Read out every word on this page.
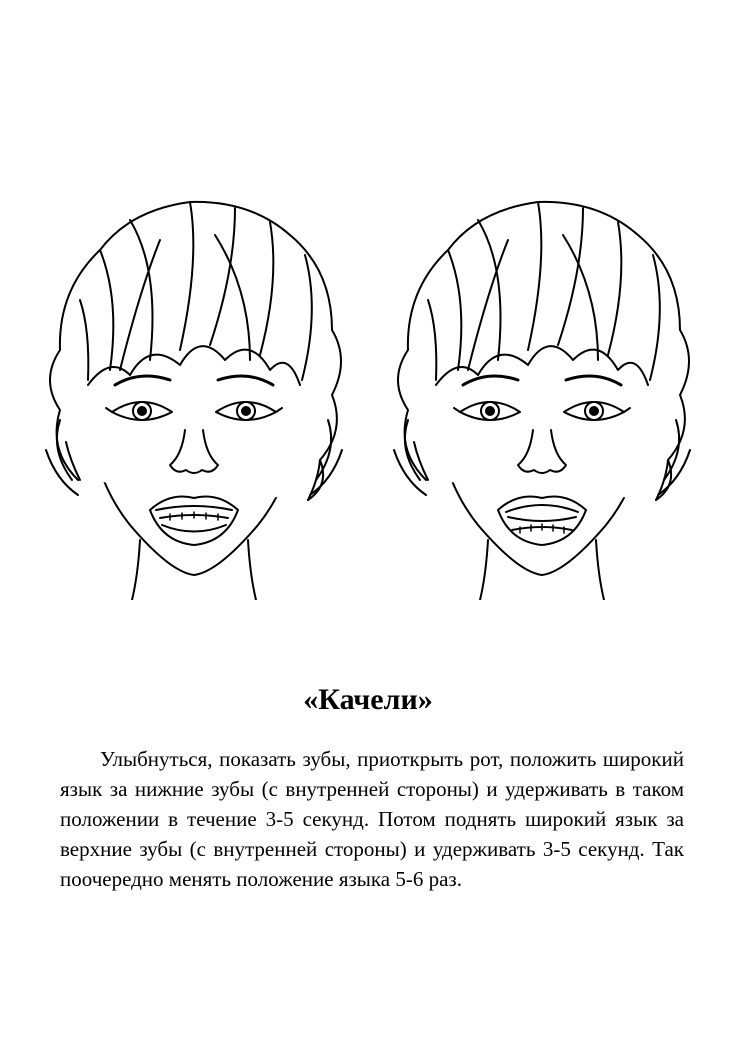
«Качели»

Улыбнуться, показать зубы, приоткрыть рот, положить широкий язык за нижние зубы (с внутренней стороны) и удерживать в таком положении в течение 3-5 секунд. Потом поднять широкий язык за верхние зубы (с внутренней стороны) и удерживать 3-5 секунд. Так поочередно менять положение языка 5-6 раз.
